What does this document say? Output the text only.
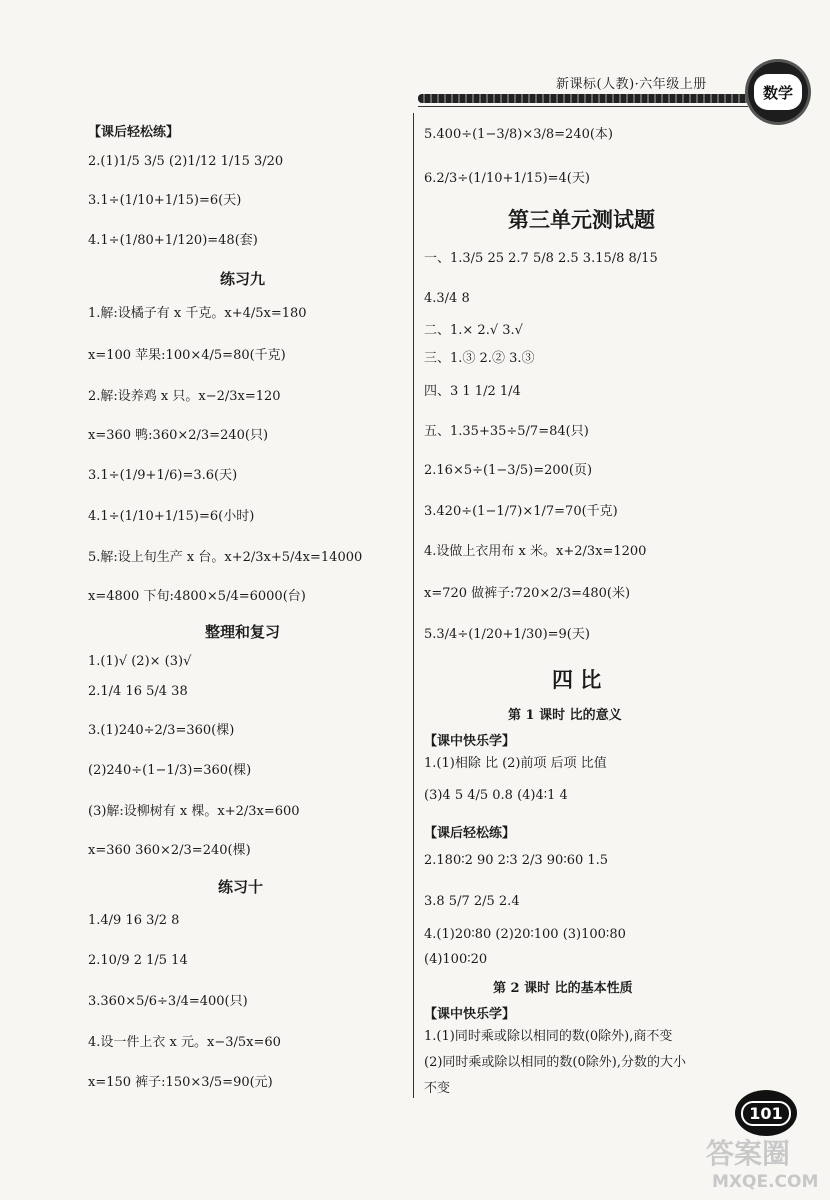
新课标(人教)·六年级上册	数学
【课后轻松练】
2.(1)1/5 3/5 (2)1/12 1/15 3/20
3.1÷(1/10+1/15)=6(天)
4.1÷(1/80+1/120)=48(套)
练习九
1.解:设橘子有 x 千克。x+4/5x=180
x=100 苹果:100×4/5=80(千克)
2.解:设养鸡 x 只。x−2/3x=120
x=360 鸭:360×2/3=240(只)
3.1÷(1/9+1/6)=3.6(天)
4.1÷(1/10+1/15)=6(小时)
5.解:设上旬生产 x 台。x+2/3x+5/4x=14000
x=4800 下旬:4800×5/4=6000(台)
整理和复习
1.(1)√ (2)× (3)√
2.1/4 16 5/4 38
3.(1)240÷2/3=360(棵)
(2)240÷(1−1/3)=360(棵)
(3)解:设柳树有 x 棵。x+2/3x=600
x=360 360×2/3=240(棵)
练习十
1.4/9 16 3/2 8
2.10/9 2 1/5 14
3.360×5/6÷3/4=400(只)
4.设一件上衣 x 元。x−3/5x=60
x=150 裤子:150×3/5=90(元)
5.400÷(1−3/8)×3/8=240(本)
6.2/3÷(1/10+1/15)=4(天)
第三单元测试题
一、1.3/5 25 2.7 5/8 2.5 3.15/8 8/15
4.3/4 8
二、1.× 2.√ 3.√
三、1.③ 2.② 3.③
四、3 1 1/2 1/4
五、1.35+35÷5/7=84(只)
2.16×5÷(1−3/5)=200(页)
3.420÷(1−1/7)×1/7=70(千克)
4.设做上衣用布 x 米。x+2/3x=1200
x=720 做裤子:720×2/3=480(米)
5.3/4÷(1/20+1/30)=9(天)
四 比
第 1 课时 比的意义
【课中快乐学】
1.(1)相除 比 (2)前项 后项 比值
(3)4 5 4/5 0.8 (4)4∶1 4
【课后轻松练】
2.180∶2 90 2∶3 2/3 90∶60 1.5
3.8 5/7 2/5 2.4
4.(1)20∶80 (2)20∶100 (3)100∶80
(4)100∶20
第 2 课时 比的基本性质
【课中快乐学】
1.(1)同时乘或除以相同的数(0除外),商不变
(2)同时乘或除以相同的数(0除外),分数的大小
不变
101
答案圈
MXQE.COM
